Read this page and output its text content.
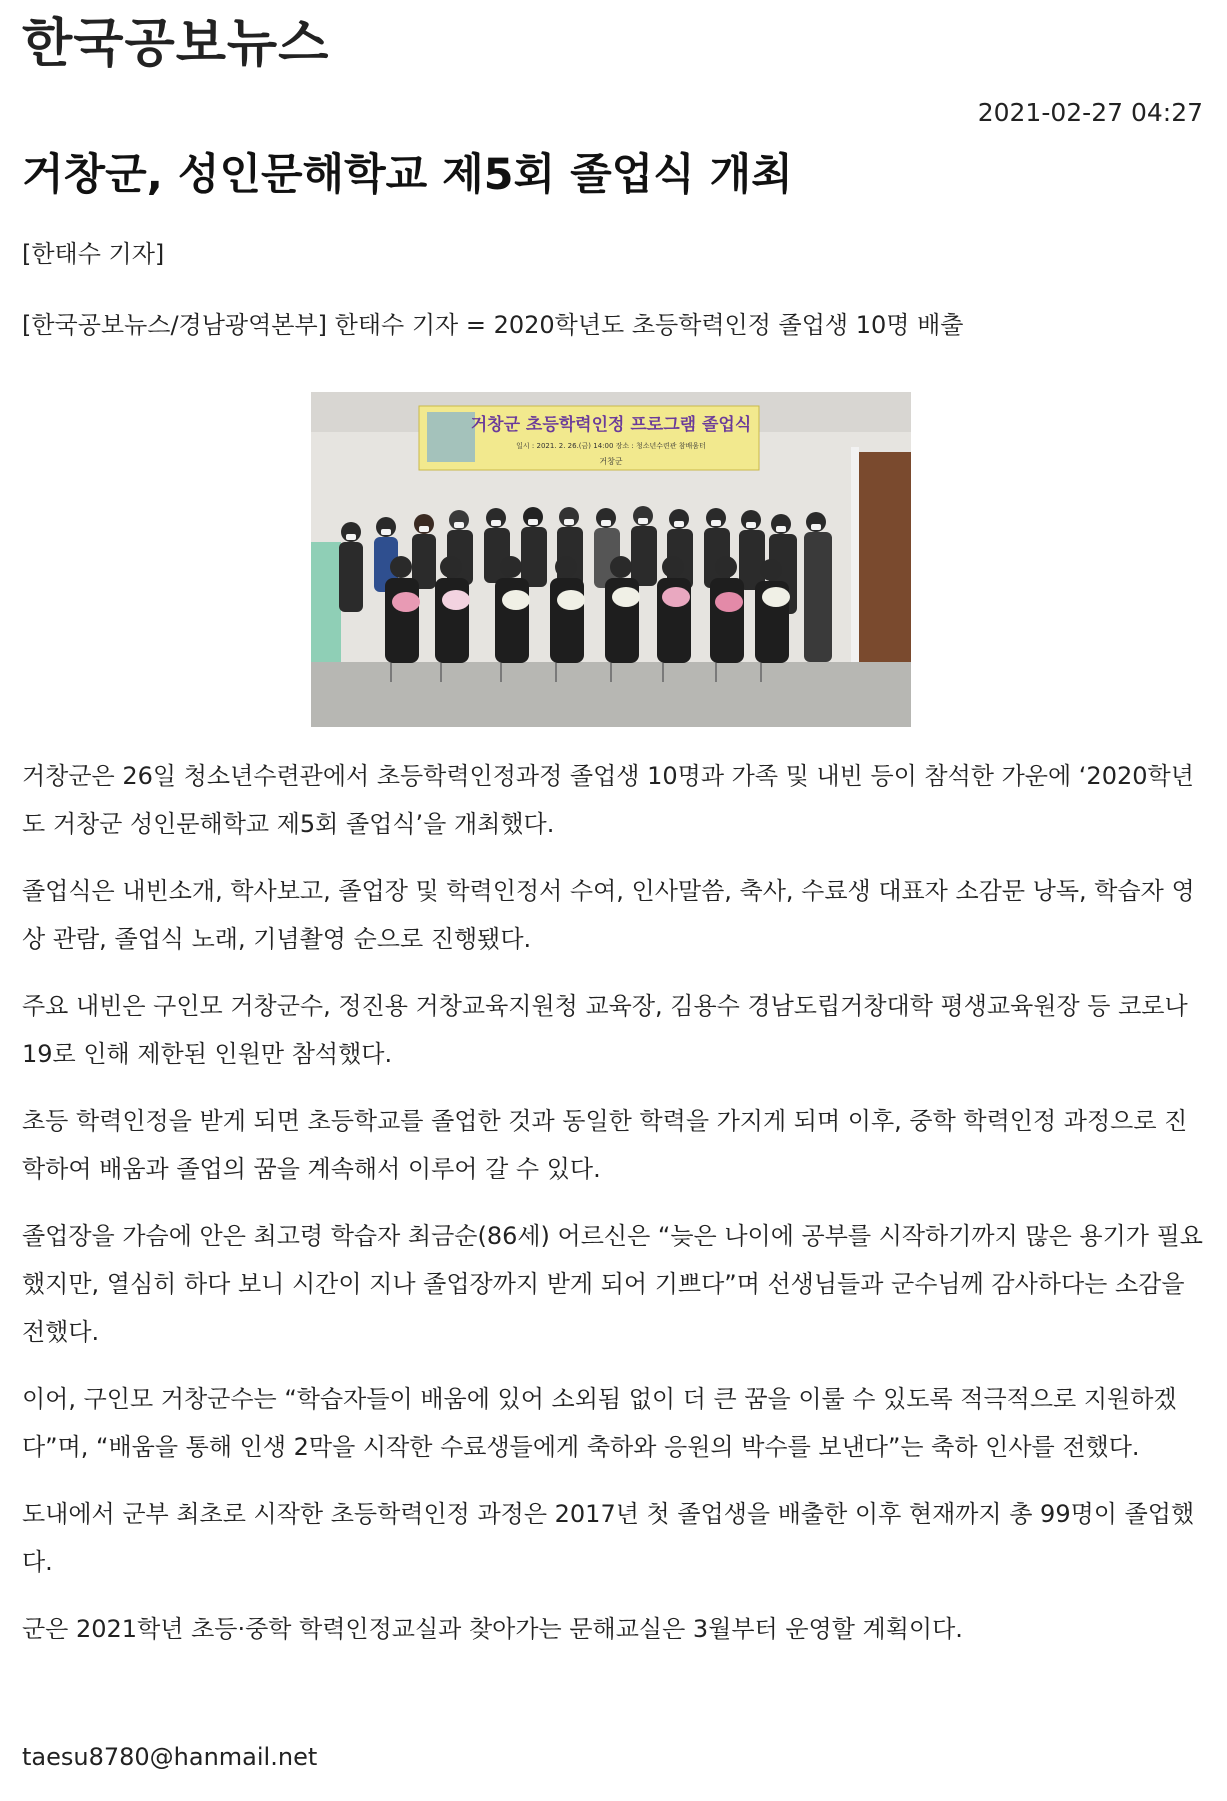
한국공보뉴스
2021-02-27 04:27
거창군, 성인문해학교 제5회 졸업식 개최
[한태수 기자]
[한국공보뉴스/경남광역본부] 한태수 기자 = 2020학년도 초등학력인정 졸업생 10명 배출
거창군 초등학력인정 프로그램 졸업식
일시 : 2021. 2. 26.(금) 14:00 장소 : 청소년수련관 참배움터
거창군

거창군은 26일 청소년수련관에서 초등학력인정과정 졸업생 10명과 가족 및 내빈 등이 참석한 가운에 ‘2020학년도 거창군 성인문해학교 제5회 졸업식’을 개최했다.

졸업식은 내빈소개, 학사보고, 졸업장 및 학력인정서 수여, 인사말씀, 축사, 수료생 대표자 소감문 낭독, 학습자 영상 관람, 졸업식 노래, 기념촬영 순으로 진행됐다.

주요 내빈은 구인모 거창군수, 정진용 거창교육지원청 교육장, 김용수 경남도립거창대학 평생교육원장 등 코로나19로 인해 제한된 인원만 참석했다.

초등 학력인정을 받게 되면 초등학교를 졸업한 것과 동일한 학력을 가지게 되며 이후, 중학 학력인정 과정으로 진학하여 배움과 졸업의 꿈을 계속해서 이루어 갈 수 있다.

졸업장을 가슴에 안은 최고령 학습자 최금순(86세) 어르신은 “늦은 나이에 공부를 시작하기까지 많은 용기가 필요했지만, 열심히 하다 보니 시간이 지나 졸업장까지 받게 되어 기쁘다”며 선생님들과 군수님께 감사하다는 소감을 전했다.

이어, 구인모 거창군수는 “학습자들이 배움에 있어 소외됨 없이 더 큰 꿈을 이룰 수 있도록 적극적으로 지원하겠다”며, “배움을 통해 인생 2막을 시작한 수료생들에게 축하와 응원의 박수를 보낸다”는 축하 인사를 전했다.

도내에서 군부 최초로 시작한 초등학력인정 과정은 2017년 첫 졸업생을 배출한 이후 현재까지 총 99명이 졸업했다.

군은 2021학년 초등·중학 학력인정교실과 찾아가는 문해교실은 3월부터 운영할 계획이다.

taesu8780@hanmail.net
